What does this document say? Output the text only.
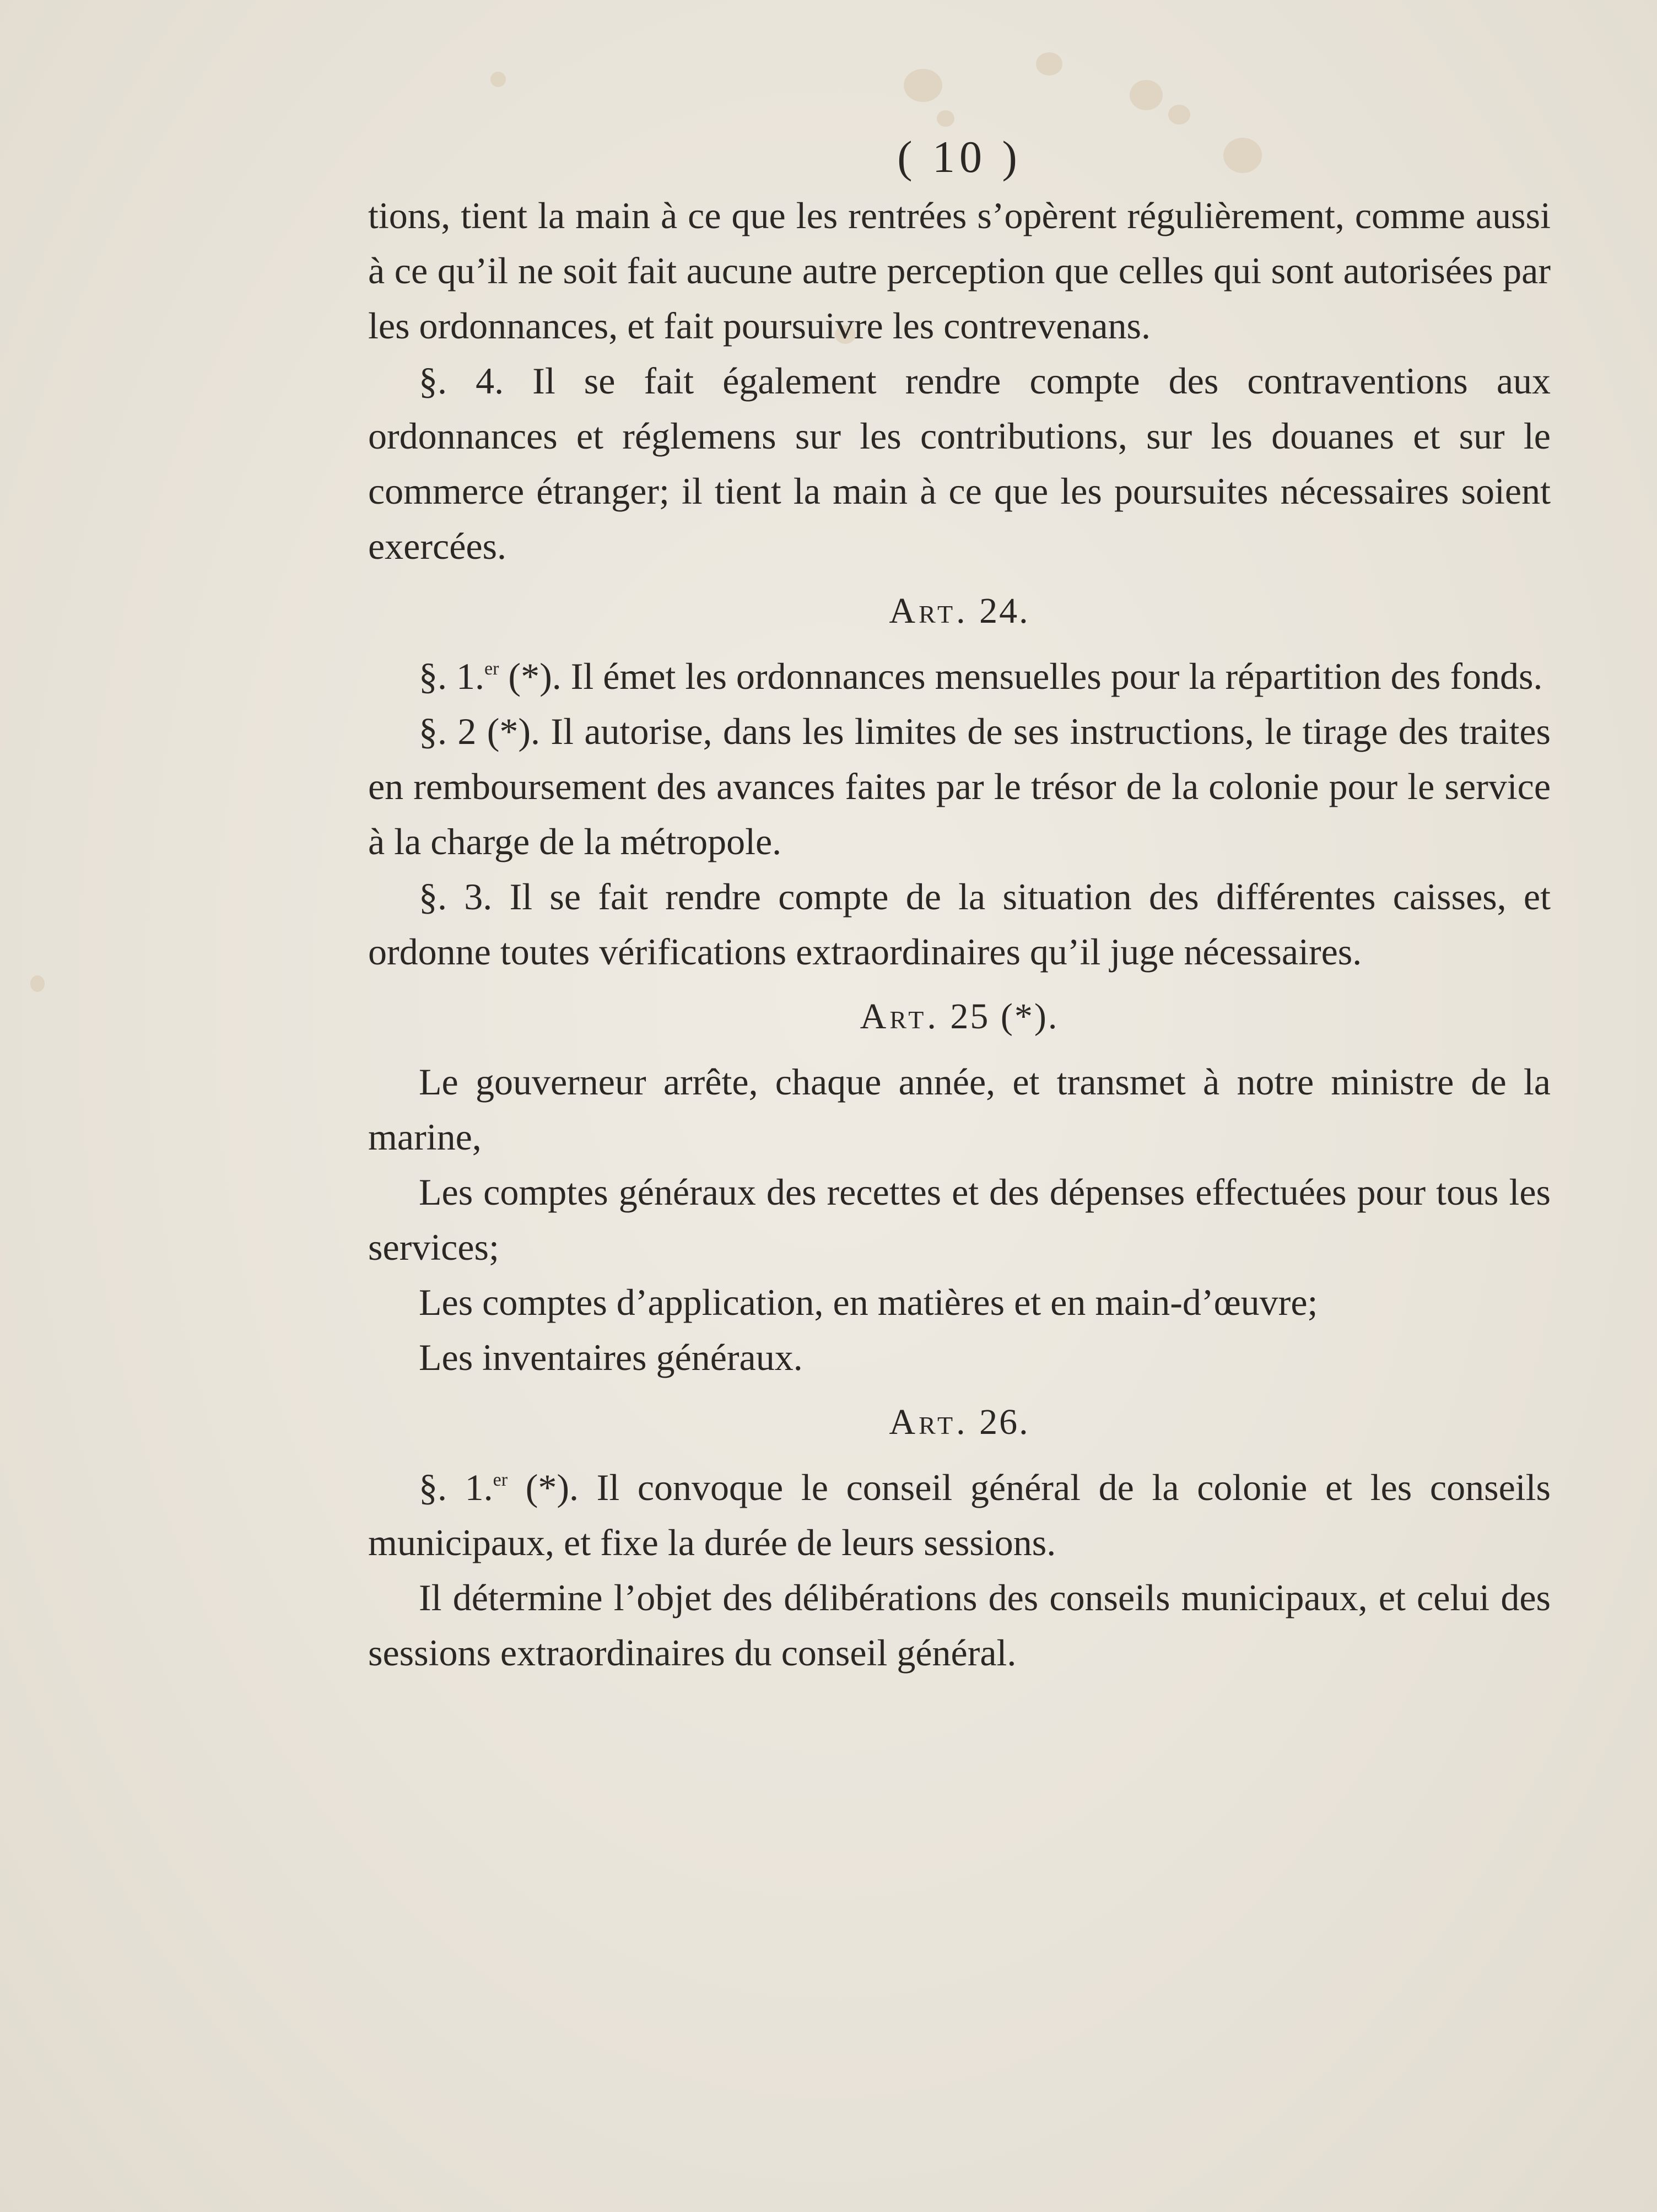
( 10 )

tions, tient la main à ce que les rentrées s’opèrent régulièrement, comme aussi à ce qu’il ne soit fait aucune autre perception que celles qui sont autorisées par les ordonnances, et fait poursuivre les contrevenans.

§. 4. Il se fait également rendre compte des contraventions aux ordonnances et réglemens sur les contributions, sur les douanes et sur le commerce étranger; il tient la main à ce que les poursuites nécessaires soient exercées.

Art. 24.

§. 1.$^{er}$ (*). Il émet les ordonnances mensuelles pour la répartition des fonds.

§. 2 (*). Il autorise, dans les limites de ses instructions, le tirage des traites en remboursement des avances faites par le trésor de la colonie pour le service à la charge de la métropole.

§. 3. Il se fait rendre compte de la situation des différentes caisses, et ordonne toutes vérifications extraordinaires qu’il juge nécessaires.

Art. 25 (*).

Le gouverneur arrête, chaque année, et transmet à notre ministre de la marine,

Les comptes généraux des recettes et des dépenses effectuées pour tous les services;

Les comptes d’application, en matières et en main-d’œuvre;

Les inventaires généraux.

Art. 26.

§. 1.$^{er}$ (*). Il convoque le conseil général de la colonie et les conseils municipaux, et fixe la durée de leurs sessions.

Il détermine l’objet des délibérations des conseils municipaux, et celui des sessions extraordinaires du conseil général.
